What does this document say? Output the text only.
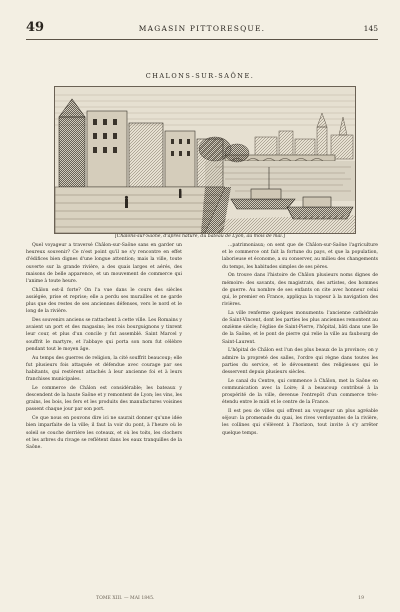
49	MAGASIN PITTORESQUE.	145
CHALONS-SUR-SAÔNE.
[Châlons-sur-Saône, d'après nature, du bateau de Lyon, au mois de mai.]

Quel voyageur a traversé Châlon-sur-Saône sans en garder un heureux souvenir? Ce n'est point qu'il ne s'y rencontre en effet d'édifices bien dignes d'une longue attention; mais la ville, toute ouverte sur la grande rivière, a des quais larges et aérés, des maisons de belle apparence, et un mouvement de commerce qui l'anime à toute heure.

Châlon est-il forte? On l'a vue dans le cours des siècles assiégée, prise et reprise; elle a perdu ses murailles et ne garde plus que des restes de ses anciennes défenses, vers le nord et le long de la rivière.

Des souvenirs anciens se rattachent à cette ville. Les Romains y avaient un port et des magasins; les rois bourguignons y tinrent leur cour, et plus d'un concile y fut assemblé. Saint Marcel y souffrit le martyre, et l'abbaye qui porta son nom fut célèbre pendant tout le moyen âge.

Au temps des guerres de religion, la cité souffrit beaucoup; elle fut plusieurs fois attaquée et défendue avec courage par ses habitants, qui restèrent attachés à leur ancienne foi et à leurs franchises municipales.

Le commerce de Châlon est considérable; les bateaux y descendent de la haute Saône et y remontent de Lyon; les vins, les grains, les bois, les fers et les produits des manufactures voisines passent chaque jour par son port.

Ce que nous en pouvons dire ici ne saurait donner qu'une idée bien imparfaite de la ville; il faut la voir du pont, à l'heure où le soleil se couche derrière les coteaux, et où les toits, les clochers et les arbres du rivage se reflètent dans les eaux tranquilles de la Saône.

...patrimoniaux; on sent que de Châlon-sur-Saône l'agriculture et le commerce ont fait la fortune du pays, et que la population, laborieuse et économe, a su conserver, au milieu des changements du temps, les habitudes simples de ses pères.

On trouve dans l'histoire de Châlon plusieurs noms dignes de mémoire: des savants, des magistrats, des artistes, des hommes de guerre. Au nombre de ses enfants on cite avec honneur celui qui, le premier en France, appliqua la vapeur à la navigation des rivières.

La ville renferme quelques monuments: l'ancienne cathédrale de Saint-Vincent, dont les parties les plus anciennes remontent au onzième siècle; l'église de Saint-Pierre, l'hôpital, bâti dans une île de la Saône, et le pont de pierre qui relie la ville au faubourg de Saint-Laurent.

L'hôpital de Châlon est l'un des plus beaux de la province; on y admire la propreté des salles, l'ordre qui règne dans toutes les parties du service, et le dévouement des religieuses qui le desservent depuis plusieurs siècles.

Le canal du Centre, qui commence à Châlon, met la Saône en communication avec la Loire; il a beaucoup contribué à la prospérité de la ville, devenue l'entrepôt d'un commerce très-étendu entre le midi et le centre de la France.

Il est peu de villes qui offrent au voyageur un plus agréable séjour: la promenade du quai, les rives verdoyantes de la rivière, les collines qui s'élèvent à l'horizon, tout invite à s'y arrêter quelque temps.

TOME XIII. — MAI 1845.	19
